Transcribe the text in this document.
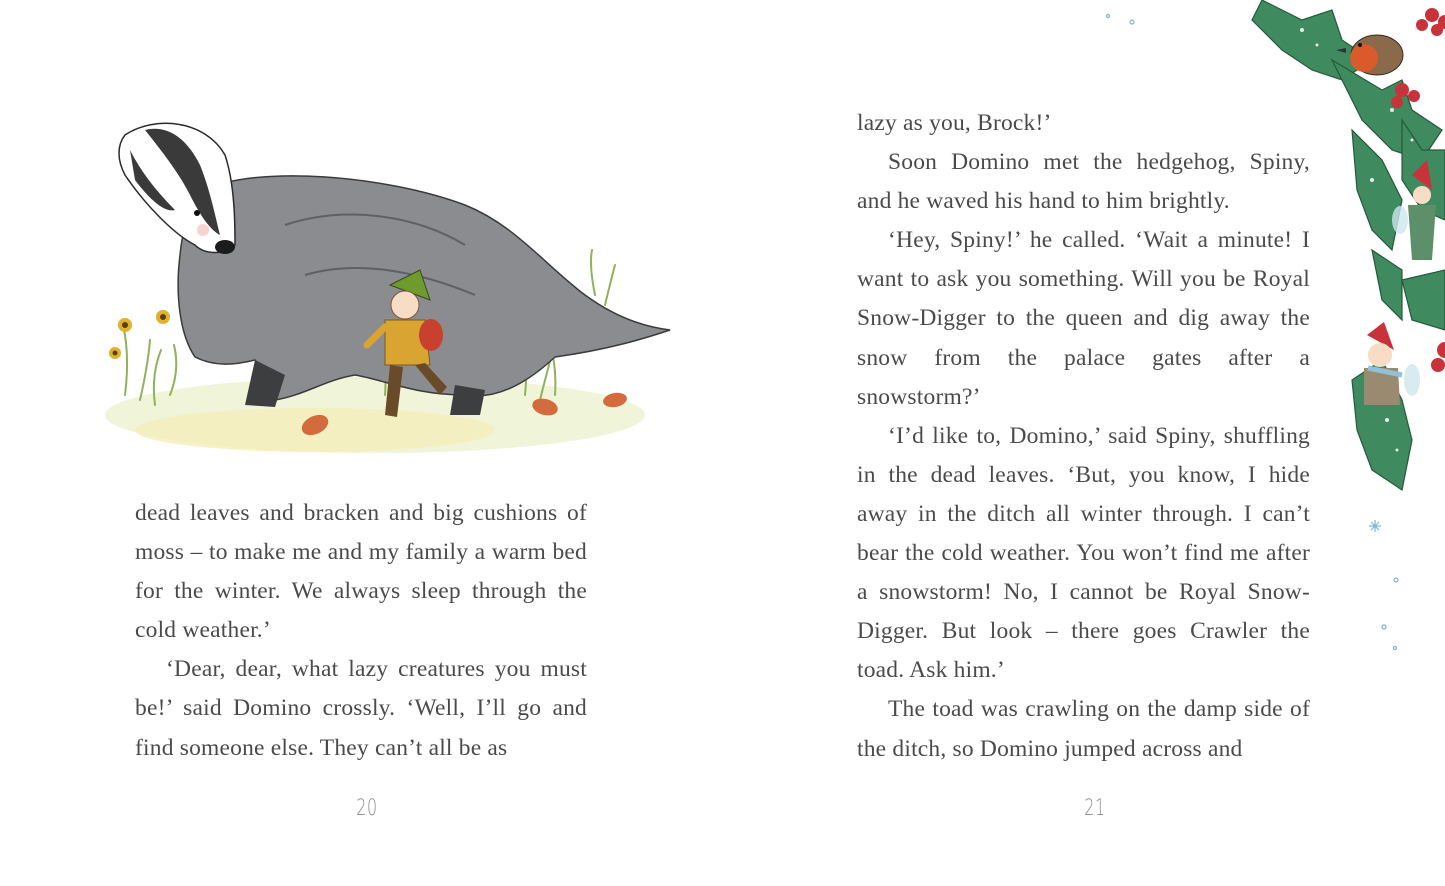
dead leaves and bracken and big cushions of moss – to make me and my family a warm bed for the winter. We always sleep through the cold weather.’

‘Dear, dear, what lazy creatures you must be!’ said Domino crossly. ‘Well, I’ll go and find someone else. They can’t all be as

20

lazy as you, Brock!’

Soon Domino met the hedgehog, Spiny, and he waved his hand to him brightly.

‘Hey, Spiny!’ he called. ‘Wait a minute! I want to ask you something. Will you be Royal Snow-Digger to the queen and dig away the snow from the palace gates after a snowstorm?’

‘I’d like to, Domino,’ said Spiny, shuffling in the dead leaves. ‘But, you know, I hide away in the ditch all winter through. I can’t bear the cold weather. You won’t find me after a snowstorm! No, I cannot be Royal Snow-Digger. But look – there goes Crawler the toad. Ask him.’

The toad was crawling on the damp side of the ditch, so Domino jumped across and

21
